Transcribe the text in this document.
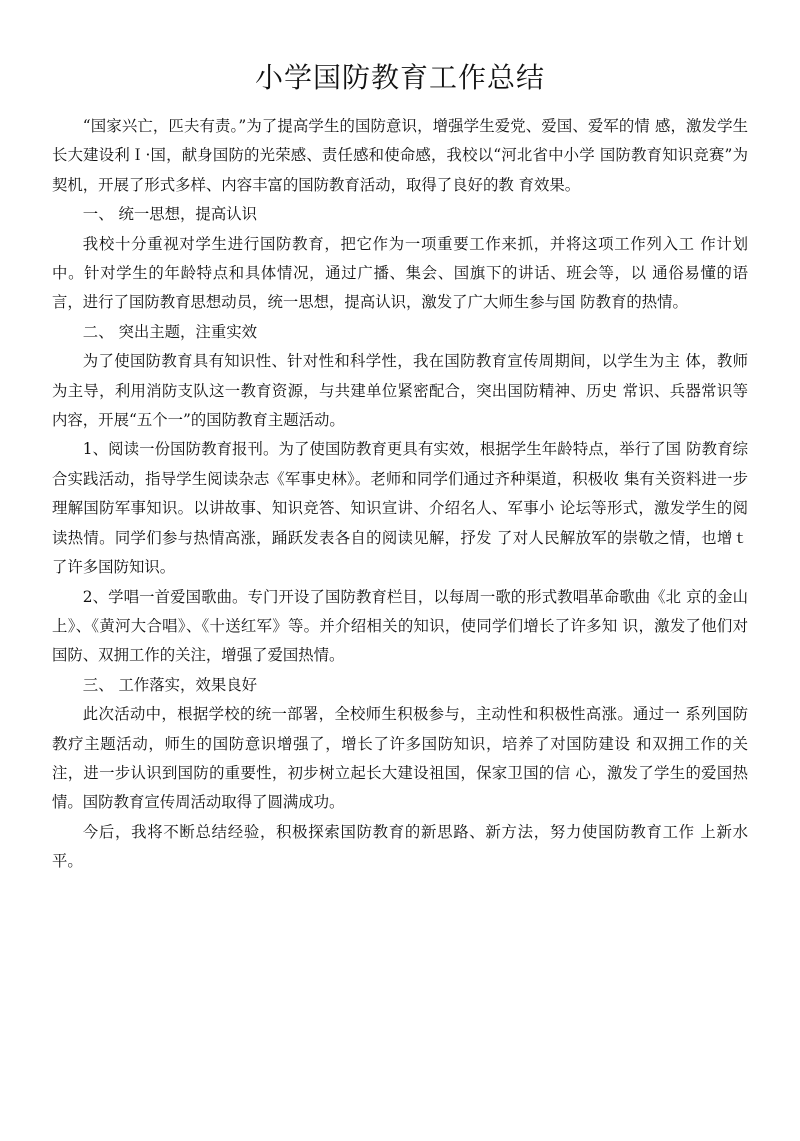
小学国防教育工作总结

“国家兴亡，匹夫有责。”为了提高学生的国防意识，增强学生爱党、爱国、爱军的情 感，激发学生长大建设利Ｉ·国，献身国防的光荣感、责任感和使命感，我校以“河北省中小学 国防教育知识竞赛”为契机，开展了形式多样、内容丰富的国防教育活动，取得了良好的教 育效果。

一、 统一思想，提高认识

我校十分重视对学生进行国防教育，把它作为一项重要工作来抓，并将这项工作列入工 作计划中。针对学生的年龄特点和具体情况，通过广播、集会、国旗下的讲话、班会等，以 通俗易懂的语言，进行了国防教育思想动员，统一思想，提高认识，激发了广大师生参与国 防教育的热情。

二、 突出主题，注重实效

为了使国防教育具有知识性、针对性和科学性，我在国防教育宣传周期间，以学生为主 体，教师为主导，利用消防支队这一教育资源，与共建单位紧密配合，突出国防精神、历史 常识、兵器常识等内容，开展“五个一”的国防教育主题活动。

1、阅读一份国防教育报刊。为了使国防教育更具有实效，根据学生年龄特点，举行了国 防教育综合实践活动，指导学生阅读杂志《军事史林》。老师和同学们通过齐种渠道，积极收 集有关资料进一步理解国防军事知识。以讲故事、知识竞答、知识宣讲、介绍名人、军事小 论坛等形式，激发学生的阅读热情。同学们参与热情高涨，踊跃发表各自的阅读见解，抒发 了对人民解放军的崇敬之情，也增ｔ了许多国防知识。

2、学唱一首爱国歌曲。专门开设了国防教育栏目，以每周一歌的形式教唱革命歌曲《北 京的金山上》、《黄河大合唱》、《十送红军》等。并介绍相关的知识，使同学们增长了许多知 识，激发了他们对国防、双拥工作的关注，增强了爱国热情。

三、 工作落实，效果良好

此次活动中，根据学校的统一部署，全校师生积极参与，主动性和积极性高涨。通过一 系列国防教疗主题活动，师生的国防意识增强了，增长了许多国防知识，培养了对国防建设 和双拥工作的关注，进一步认识到国防的重要性，初步树立起长大建设祖国，保家卫国的信 心，激发了学生的爱国热情。国防教育宣传周活动取得了圆满成功。

今后，我将不断总结经验，积极探索国防教育的新思路、新方法，努力使国防教育工作 上新水平。
